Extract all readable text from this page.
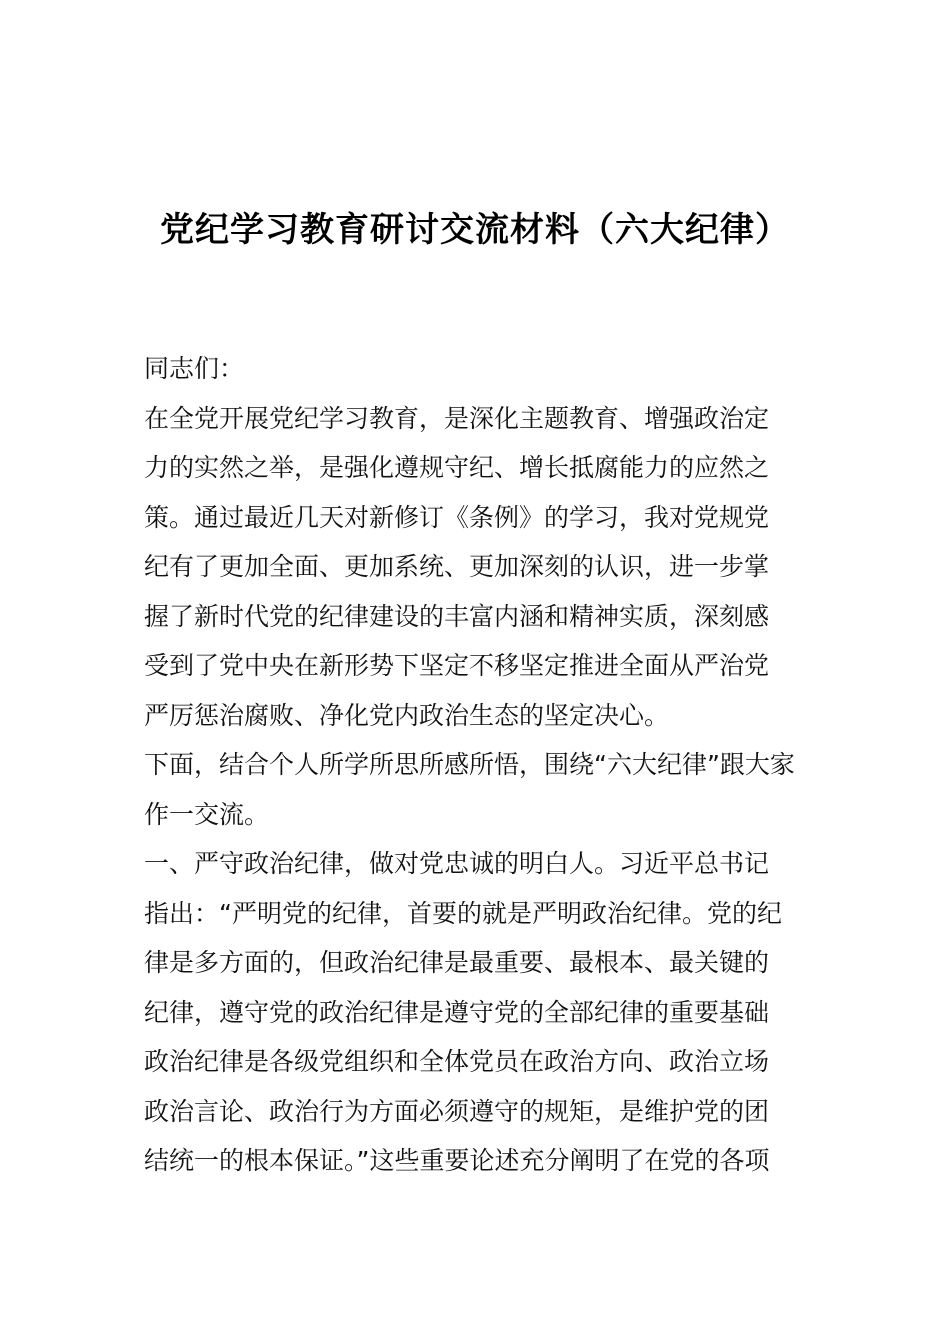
党纪学习教育研讨交流材料（六大纪律）
同志们：
在全党开展党纪学习教育，是深化主题教育、增强政治定
力的实然之举，是强化遵规守纪、增长抵腐能力的应然之
策。通过最近几天对新修订《条例》的学习，我对党规党
纪有了更加全面、更加系统、更加深刻的认识，进一步掌
握了新时代党的纪律建设的丰富内涵和精神实质，深刻感
受到了党中央在新形势下坚定不移坚定推进全面从严治党
严厉惩治腐败、净化党内政治生态的坚定决心。
下面，结合个人所学所思所感所悟，围绕“六大纪律”跟大家
作一交流。
一、严守政治纪律，做对党忠诚的明白人。习近平总书记
指出：“严明党的纪律，首要的就是严明政治纪律。党的纪
律是多方面的，但政治纪律是最重要、最根本、最关键的
纪律，遵守党的政治纪律是遵守党的全部纪律的重要基础
政治纪律是各级党组织和全体党员在政治方向、政治立场
政治言论、政治行为方面必须遵守的规矩，是维护党的团
结统一的根本保证。”这些重要论述充分阐明了在党的各项
